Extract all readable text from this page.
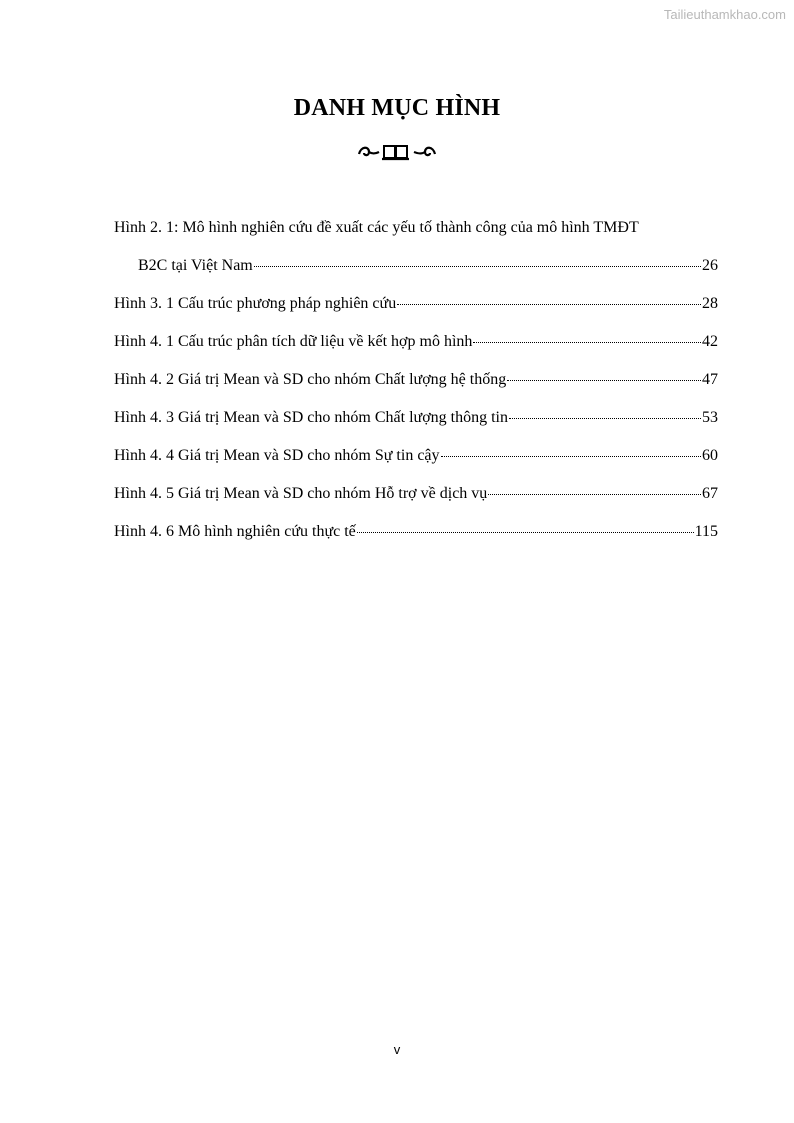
Tailieuthamkhao.com
DANH MỤC HÌNH
Hình 2. 1: Mô hình nghiên cứu đề xuất các yếu tố thành công của mô hình TMĐT
B2C tại Việt Nam	26
Hình 3. 1 Cấu trúc phương pháp nghiên cứu	28
Hình 4. 1 Cấu trúc phân tích dữ liệu về kết hợp mô hình	42
Hình 4. 2 Giá trị Mean và SD cho nhóm Chất lượng hệ thống	47
Hình 4. 3 Giá trị Mean và SD cho nhóm Chất lượng thông tin	53
Hình 4. 4 Giá trị Mean và SD cho nhóm Sự tin cậy	60
Hình 4. 5 Giá trị Mean và SD cho nhóm Hỗ trợ về dịch vụ	67
Hình 4. 6 Mô hình nghiên cứu thực tế	115
v
